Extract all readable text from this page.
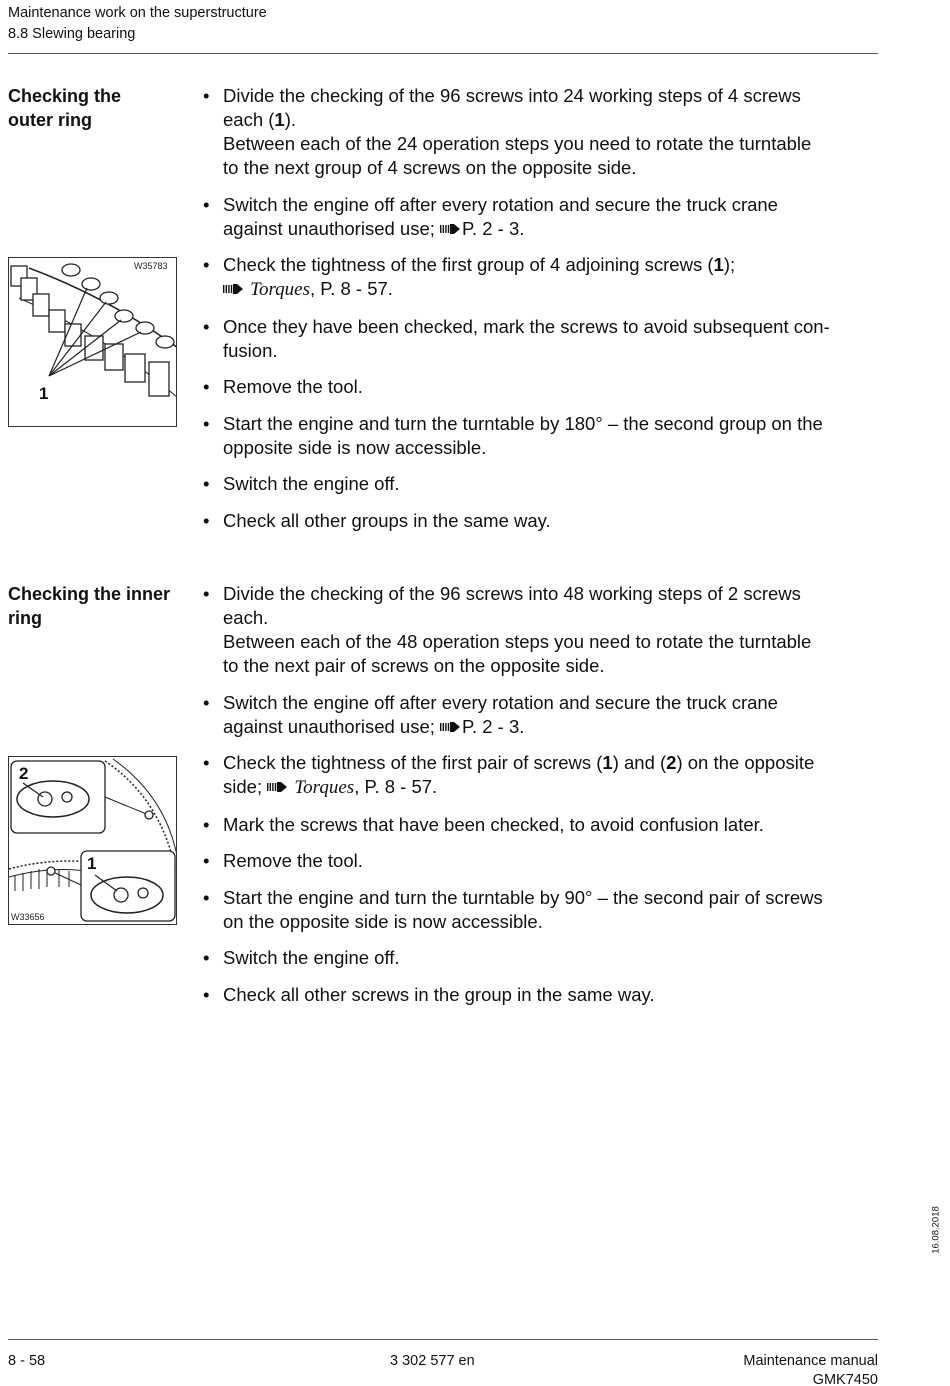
Maintenance work on the superstructure
8.8 Slewing bearing
Checking the
outer ring
• Divide the checking of the 96 screws into 24 working steps of 4 screws
each (1).
Between each of the 24 operation steps you need to rotate the turntable
to the next group of 4 screws on the opposite side.
• Switch the engine off after every rotation and secure the truck crane
against unauthorised use; P. 2 - 3.
• Check the tightness of the first group of 4 adjoining screws (1);
Torques, P. 8 - 57.
• Once they have been checked, mark the screws to avoid subsequent con-
fusion.
• Remove the tool.
• Start the engine and turn the turntable by 180° – the second group on the
opposite side is now accessible.
• Switch the engine off.
• Check all other groups in the same way.
W35783
1
Checking the inner
ring
• Divide the checking of the 96 screws into 48 working steps of 2 screws
each.
Between each of the 48 operation steps you need to rotate the turntable
to the next pair of screws on the opposite side.
• Switch the engine off after every rotation and secure the truck crane
against unauthorised use; P. 2 - 3.
• Check the tightness of the first pair of screws (1) and (2) on the opposite
side; Torques, P. 8 - 57.
• Mark the screws that have been checked, to avoid confusion later.
• Remove the tool.
• Start the engine and turn the turntable by 90° – the second pair of screws
on the opposite side is now accessible.
• Switch the engine off.
• Check all other screws in the group in the same way.
2
1
W33656
16.08.2018
8 - 58	3 302 577 en	Maintenance manual
GMK7450
